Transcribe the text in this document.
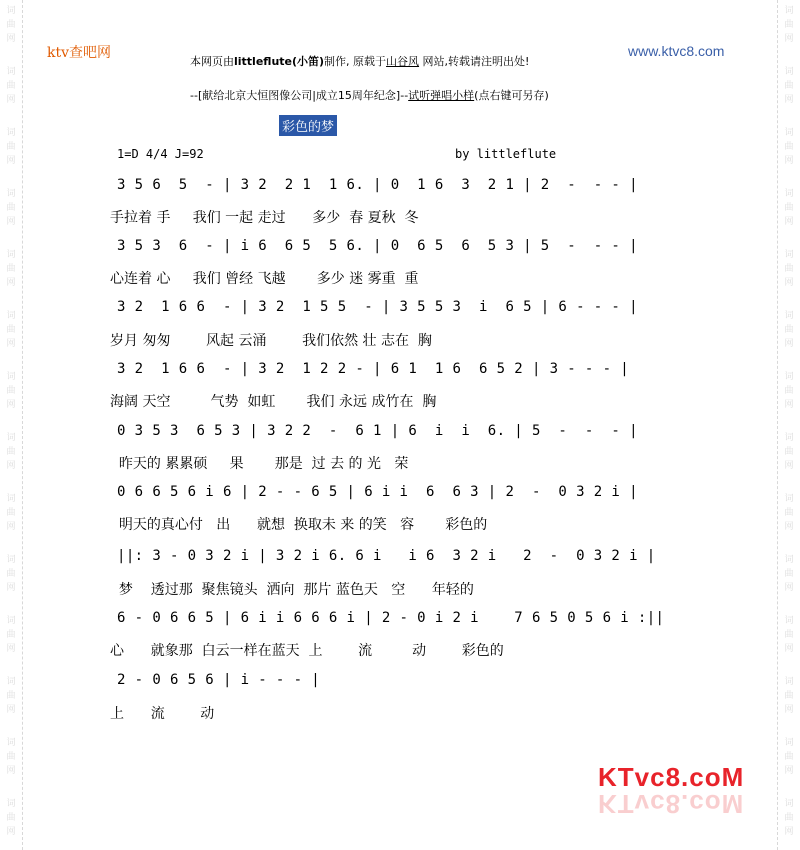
词
曲
网
词
曲
网
词
曲
网
词
曲
网
词
曲
网
词
曲
网
词
曲
网
词
曲
网
词
曲
网
词
曲
网
词
曲
网
词
曲
网
词
曲
网
词
曲
网
词
曲
网
词
曲
网
词
曲
网
词
曲
网
词
曲
网
词
曲
网
词
曲
网
词
曲
网
词
曲
网
词
曲
网
词
曲
网
词
曲
网
词
曲
网
词
曲
网
ktv查吧网	www.ktvc8.com
本网页由littleflute(小笛)制作, 原载于山谷风 网站,转载请注明出处!
--[献给北京大恒图像公司|成立15周年纪念]--试听弹唱小样(点右键可另存)
彩色的梦
1=D 4/4 J=92	by littleflute
3 5 6  5  - | 3 2  2 1  1 6. | 0  1 6  3  2 1 | 2  -  - - |
手拉着 手     我们 一起 走过      多少  春 夏秋  冬
3 5 3  6  - | i 6  6 5  5 6. | 0  6 5  6  5 3 | 5  -  - - |
心连着 心     我们 曾经 飞越       多少 迷 雾重  重
3 2  1 6 6  - | 3 2  1 5 5  - | 3 5 5 3  i  6 5 | 6 - - - |
岁月 匆匆        风起 云涌        我们依然 壮 志在  胸
3 2  1 6 6  - | 3 2  1 2 2 - | 6 1  1 6  6 5 2 | 3 - - - |
海阔 天空         气势  如虹       我们 永远 成竹在  胸
0 3 5 3  6 5 3 | 3 2 2  -  6 1 | 6  i  i  6. | 5  -  -  - |
昨天的 累累硕     果       那是  过 去 的 光   荣
0 6 6 5 6 i 6 | 2 - - 6 5 | 6 i i  6  6 3 | 2  -  0 3 2 i |
明天的真心付   出      就想  换取未 来 的笑   容       彩色的
||: 3 - 0 3 2 i | 3 2 i 6. 6 i   i 6  3 2 i   2  -  0 3 2 i |
梦    透过那  聚焦镜头  洒向  那片 蓝色天   空      年轻的
6 - 0 6 6 5 | 6 i i 6 6 6 i | 2 - 0 i 2 i    7 6 5 0 5 6 i :||
心      就象那  白云一样在蓝天  上        流         动        彩色的
2 - 0 6 5 6 | i - - - |
上      流        动
KTvc8.coM
KTvc8.coM
